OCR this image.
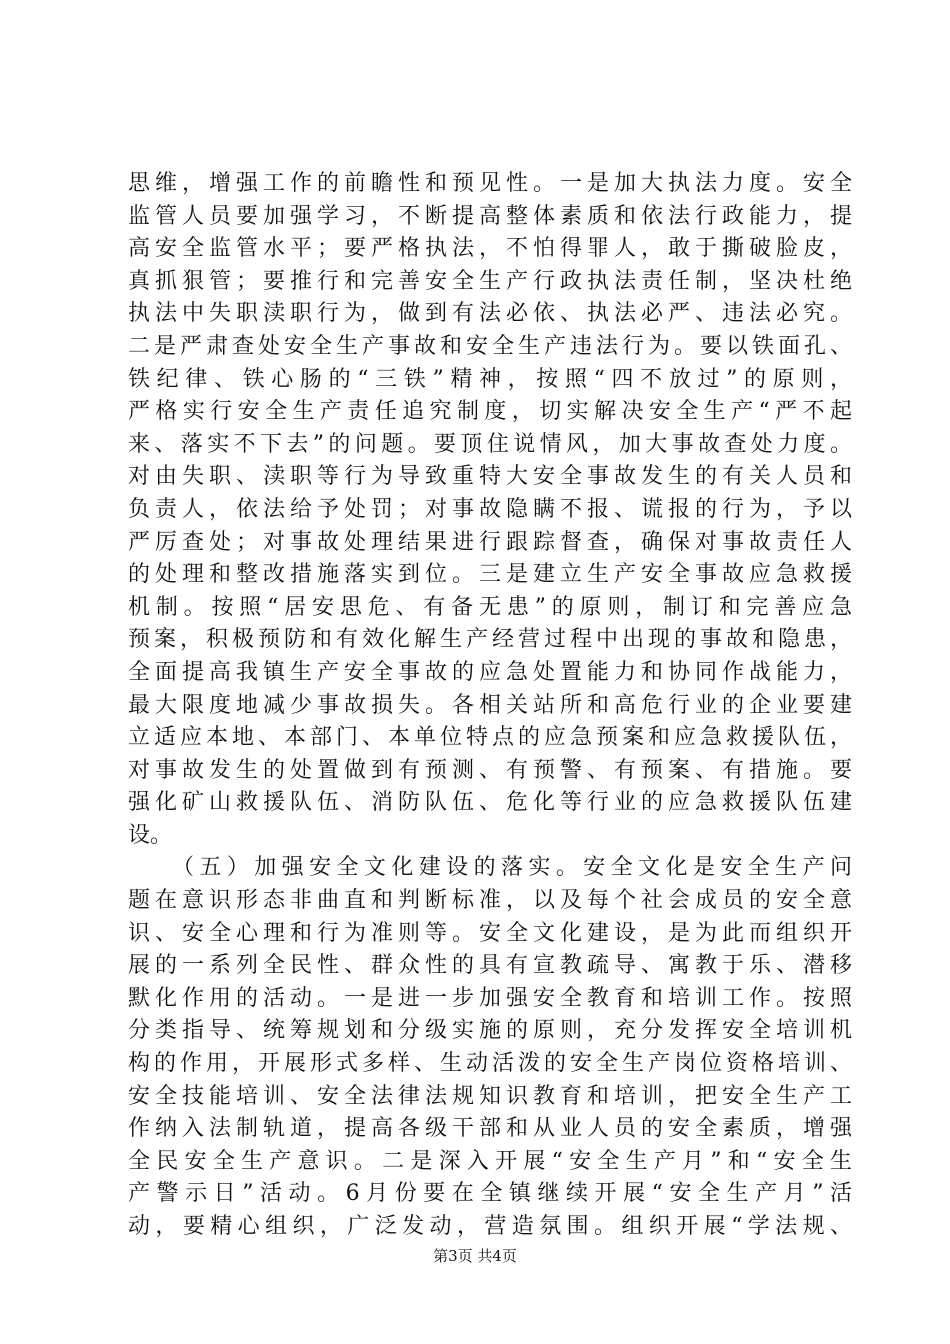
思维，增强工作的前瞻性和预见性。一是加大执法力度。安全
监管人员要加强学习，不断提高整体素质和依法行政能力，提
高安全监管水平；要严格执法，不怕得罪人，敢于撕破脸皮，
真抓狠管；要推行和完善安全生产行政执法责任制，坚决杜绝
执法中失职渎职行为，做到有法必依、执法必严、违法必究。
二是严肃查处安全生产事故和安全生产违法行为。要以铁面孔、
铁纪律、铁心肠的“三铁”精神，按照“四不放过”的原则，
严格实行安全生产责任追究制度，切实解决安全生产“严不起
来、落实不下去”的问题。要顶住说情风，加大事故查处力度。
对由失职、渎职等行为导致重特大安全事故发生的有关人员和
负责人，依法给予处罚；对事故隐瞒不报、谎报的行为，予以
严厉查处；对事故处理结果进行跟踪督查，确保对事故责任人
的处理和整改措施落实到位。三是建立生产安全事故应急救援
机制。按照“居安思危、有备无患”的原则，制订和完善应急
预案，积极预防和有效化解生产经营过程中出现的事故和隐患，
全面提高我镇生产安全事故的应急处置能力和协同作战能力，
最大限度地减少事故损失。各相关站所和高危行业的企业要建
立适应本地、本部门、本单位特点的应急预案和应急救援队伍，
对事故发生的处置做到有预测、有预警、有预案、有措施。要
强化矿山救援队伍、消防队伍、危化等行业的应急救援队伍建
设。
（五）加强安全文化建设的落实。安全文化是安全生产问
题在意识形态非曲直和判断标准，以及每个社会成员的安全意
识、安全心理和行为准则等。安全文化建设，是为此而组织开
展的一系列全民性、群众性的具有宣教疏导、寓教于乐、潜移
默化作用的活动。一是进一步加强安全教育和培训工作。按照
分类指导、统筹规划和分级实施的原则，充分发挥安全培训机
构的作用，开展形式多样、生动活泼的安全生产岗位资格培训、
安全技能培训、安全法律法规知识教育和培训，把安全生产工
作纳入法制轨道，提高各级干部和从业人员的安全素质，增强
全民安全生产意识。二是深入开展“安全生产月”和“安全生
产警示日”活动。6月份要在全镇继续开展“安全生产月”活
动，要精心组织，广泛发动，营造氛围。组织开展“学法规、
第3页 共4页
